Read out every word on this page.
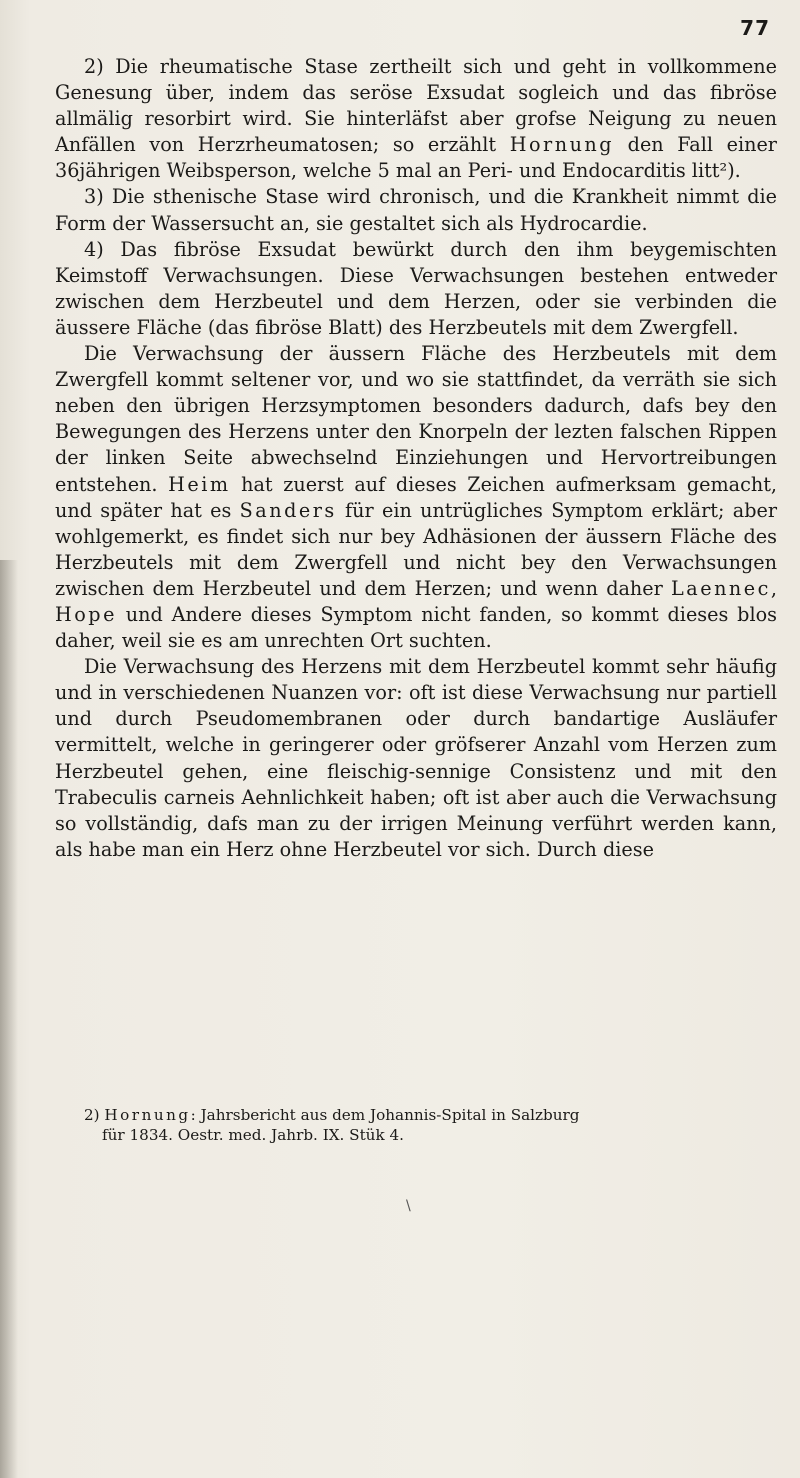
77

2) Die rheumatische Stase zertheilt sich und geht in vollkommene Genesung über, indem das seröse Exsudat sogleich und das fibröse allmälig resorbirt wird. Sie hinterläfst aber grofse Neigung zu neuen Anfällen von Herzrheumatosen; so erzählt Hornung den Fall einer 36jährigen Weibsperson, welche 5 mal an Peri- und Endocarditis litt²).

3) Die sthenische Stase wird chronisch, und die Krankheit nimmt die Form der Wassersucht an, sie gestaltet sich als Hydrocardie.

4) Das fibröse Exsudat bewürkt durch den ihm beygemischten Keimstoff Verwachsungen. Diese Verwachsungen bestehen entweder zwischen dem Herzbeutel und dem Herzen, oder sie verbinden die äussere Fläche (das fibröse Blatt) des Herzbeutels mit dem Zwergfell.

Die Verwachsung der äussern Fläche des Herzbeutels mit dem Zwergfell kommt seltener vor, und wo sie stattfindet, da verräth sie sich neben den übrigen Herzsymptomen besonders dadurch, dafs bey den Bewegungen des Herzens unter den Knorpeln der lezten falschen Rippen der linken Seite abwechselnd Einziehungen und Hervortreibungen entstehen. Heim hat zuerst auf dieses Zeichen aufmerksam gemacht, und später hat es Sanders für ein untrügliches Symptom erklärt; aber wohlgemerkt, es findet sich nur bey Adhäsionen der äussern Fläche des Herzbeutels mit dem Zwergfell und nicht bey den Verwachsungen zwischen dem Herzbeutel und dem Herzen; und wenn daher Laennec, Hope und Andere dieses Symptom nicht fanden, so kommt dieses blos daher, weil sie es am unrechten Ort suchten.

Die Verwachsung des Herzens mit dem Herzbeutel kommt sehr häufig und in verschiedenen Nuanzen vor: oft ist diese Verwachsung nur partiell und durch Pseudomembranen oder durch bandartige Ausläufer vermittelt, welche in geringerer oder gröfserer Anzahl vom Herzen zum Herzbeutel gehen, eine fleischig-sennige Consistenz und mit den Trabeculis carneis Aehnlichkeit haben; oft ist aber auch die Verwachsung so vollständig, dafs man zu der irrigen Meinung verführt werden kann, als habe man ein Herz ohne Herzbeutel vor sich. Durch diese

2) Hornung: Jahrsbericht aus dem Johannis-Spital in Salzburg
für 1834. Oestr. med. Jahrb. IX. Stük 4.
\
